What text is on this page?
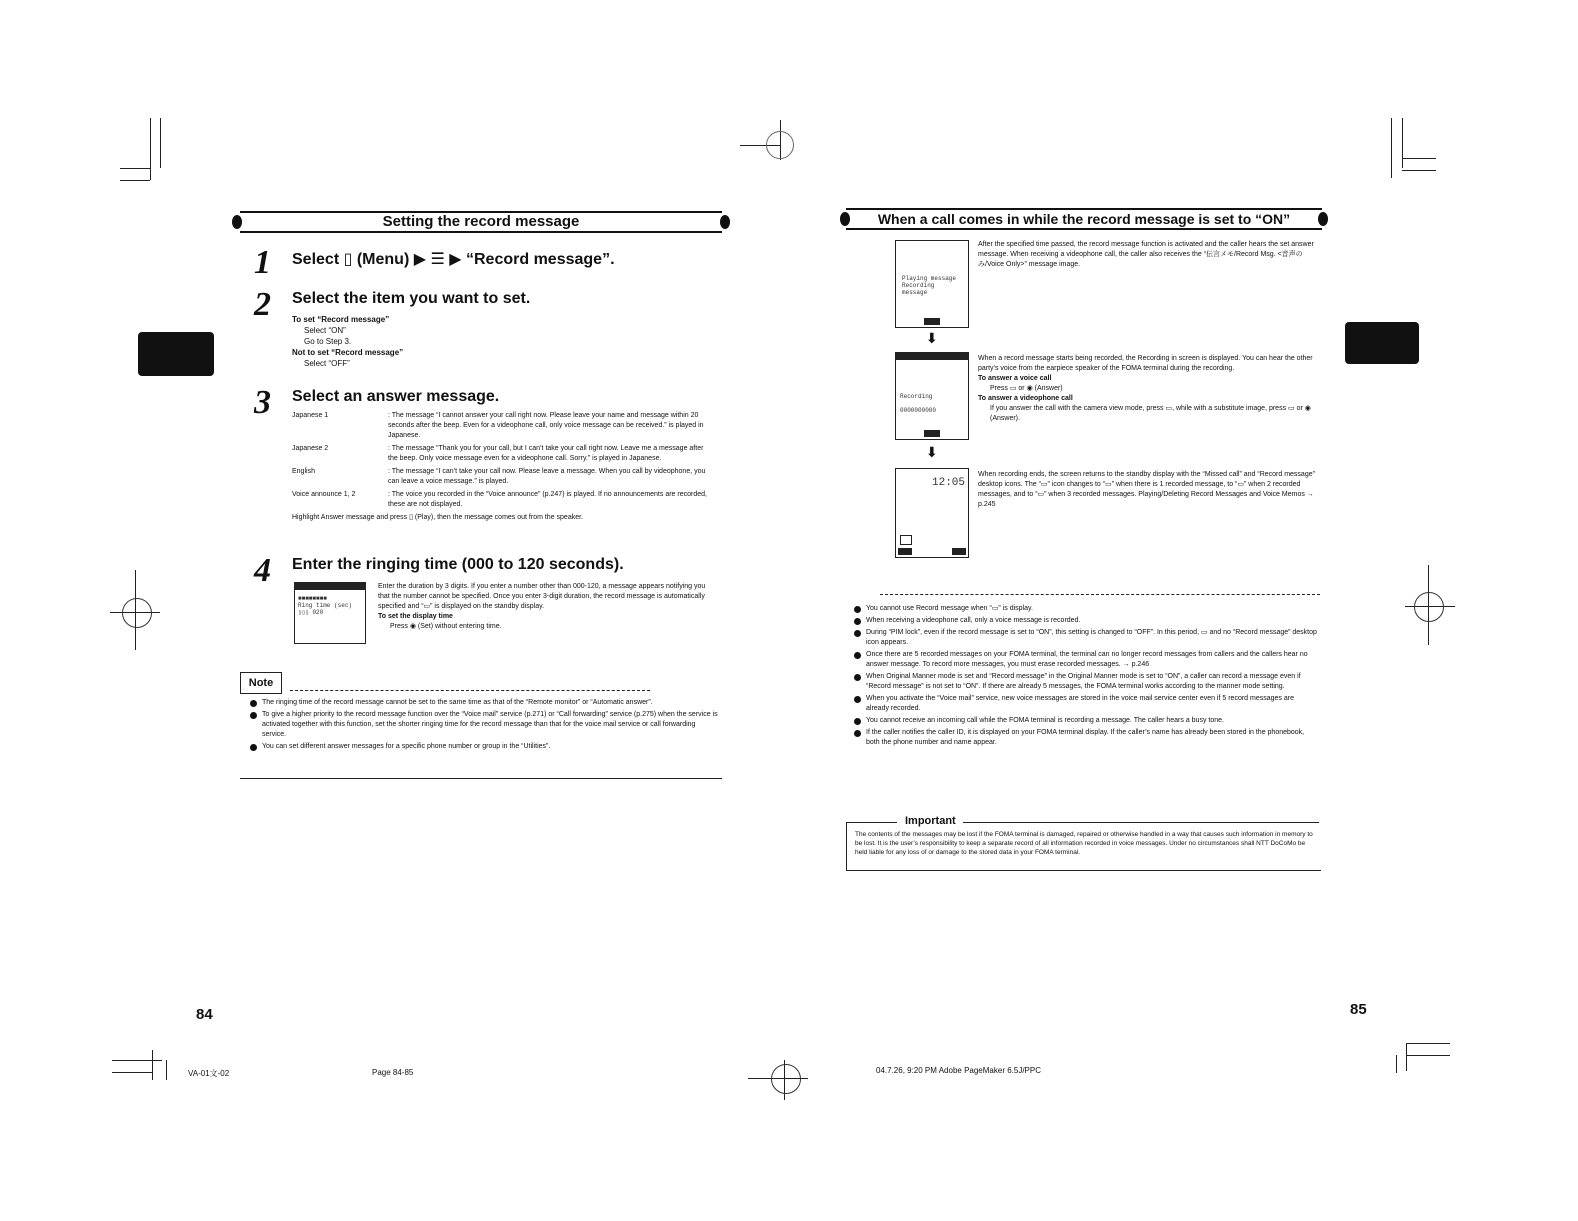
Setting the record message
1 Select ▯ (Menu) ▶ ☰ ▶ “Record message”.
2 Select the item you want to set.
To set “Record message”
Select “ON”
Go to Step 3.
Not to set “Record message”
Select “OFF”
3 Select an answer message.
Japanese 1	: The message “I cannot answer your call right now. Please leave your name and message within 20 seconds after the beep. Even for a videophone call, only voice message can be received.” is played in Japanese.
Japanese 2	: The message “Thank you for your call, but I can’t take your call right now. Leave me a message after the beep. Only voice message even for a videophone call. Sorry.” is played in Japanese.
English	: The message “I can’t take your call now. Please leave a message. When you call by videophone, you can leave a voice message.” is played.
Voice announce 1, 2	: The voice you recorded in the “Voice announce” (p.247) is played. If no announcements are recorded, these are not displayed.
Highlight Answer message and press ▯ (Play), then the message comes out from the speaker.
4 Enter the ringing time (000 to 120 seconds).
■■■■■■■■
Ring time (sec)
▯▯▯ 020
Enter the duration by 3 digits. If you enter a number other than 000-120, a message appears notifying you that the number cannot be specified. Once you enter 3-digit duration, the record message is automatically specified and “▭” is displayed on the standby display.
To set the display time
Press ◉ (Set) without entering time.
Note
The ringing time of the record message cannot be set to the same time as that of the “Remote monitor” or “Automatic answer”.
To give a higher priority to the record message function over the “Voice mail” service (p.271) or “Call forwarding” service (p.275) when the service is activated together with this function, set the shorter ringing time for the record message than that for the voice mail service or call forwarding service.
You can set different answer messages for a specific phone number or group in the “Utilities”.
84
VA-01文-02	Page 84-85
When a call comes in while the record message is set to “ON”
Playing message
Recording
message
After the specified time passed, the record message function is activated and the caller hears the set answer message. When receiving a videophone call, the caller also receives the “伝言メモ/Record Msg. <音声のみ/Voice Only>” message image.
⬇
Recording

0000000000
When a record message starts being recorded, the Recording in screen is displayed. You can hear the other party’s voice from the earpiece speaker of the FOMA terminal during the recording.
To answer a voice call
Press ▭ or ◉ (Answer)
To answer a videophone call
If you answer the call with the camera view mode, press ▭, while with a substitute image, press ▭ or ◉ (Answer).
⬇
12:05
When recording ends, the screen returns to the standby display with the “Missed call” and “Record message” desktop icons. The “▭” icon changes to “▭” when there is 1 recorded message, to “▭” when 2 recorded messages, and to “▭” when 3 recorded messages. Playing/Deleting Record Messages and Voice Memos → p.245
You cannot use Record message when “▭” is display.
When receiving a videophone call, only a voice message is recorded.
During “PIM lock”, even if the record message is set to “ON”, this setting is changed to “OFF”. In this period, ▭ and no “Record message” desktop icon appears.
Once there are 5 recorded messages on your FOMA terminal, the terminal can no longer record messages from callers and the callers hear no answer message. To record more messages, you must erase recorded messages. → p.246
When Original Manner mode is set and “Record message” in the Original Manner mode is set to “ON”, a caller can record a message even if “Record message” is not set to “ON”. If there are already 5 messages, the FOMA terminal works according to the manner mode setting.
When you activate the “Voice mail” service, new voice messages are stored in the voice mail service center even if 5 record messages are already recorded.
You cannot receive an incoming call while the FOMA terminal is recording a message. The caller hears a busy tone.
If the caller notifies the caller ID, it is displayed on your FOMA terminal display. If the caller’s name has already been stored in the phonebook, both the phone number and name appear.
Important
The contents of the messages may be lost if the FOMA terminal is damaged, repaired or otherwise handled in a way that causes such information in memory to be lost. It is the user’s responsibility to keep a separate record of all information recorded in voice messages. Under no circumstances shall NTT DoCoMo be held liable for any loss of or damage to the stored data in your FOMA terminal.
85
04.7.26, 9:20 PM Adobe PageMaker 6.5J/PPC
